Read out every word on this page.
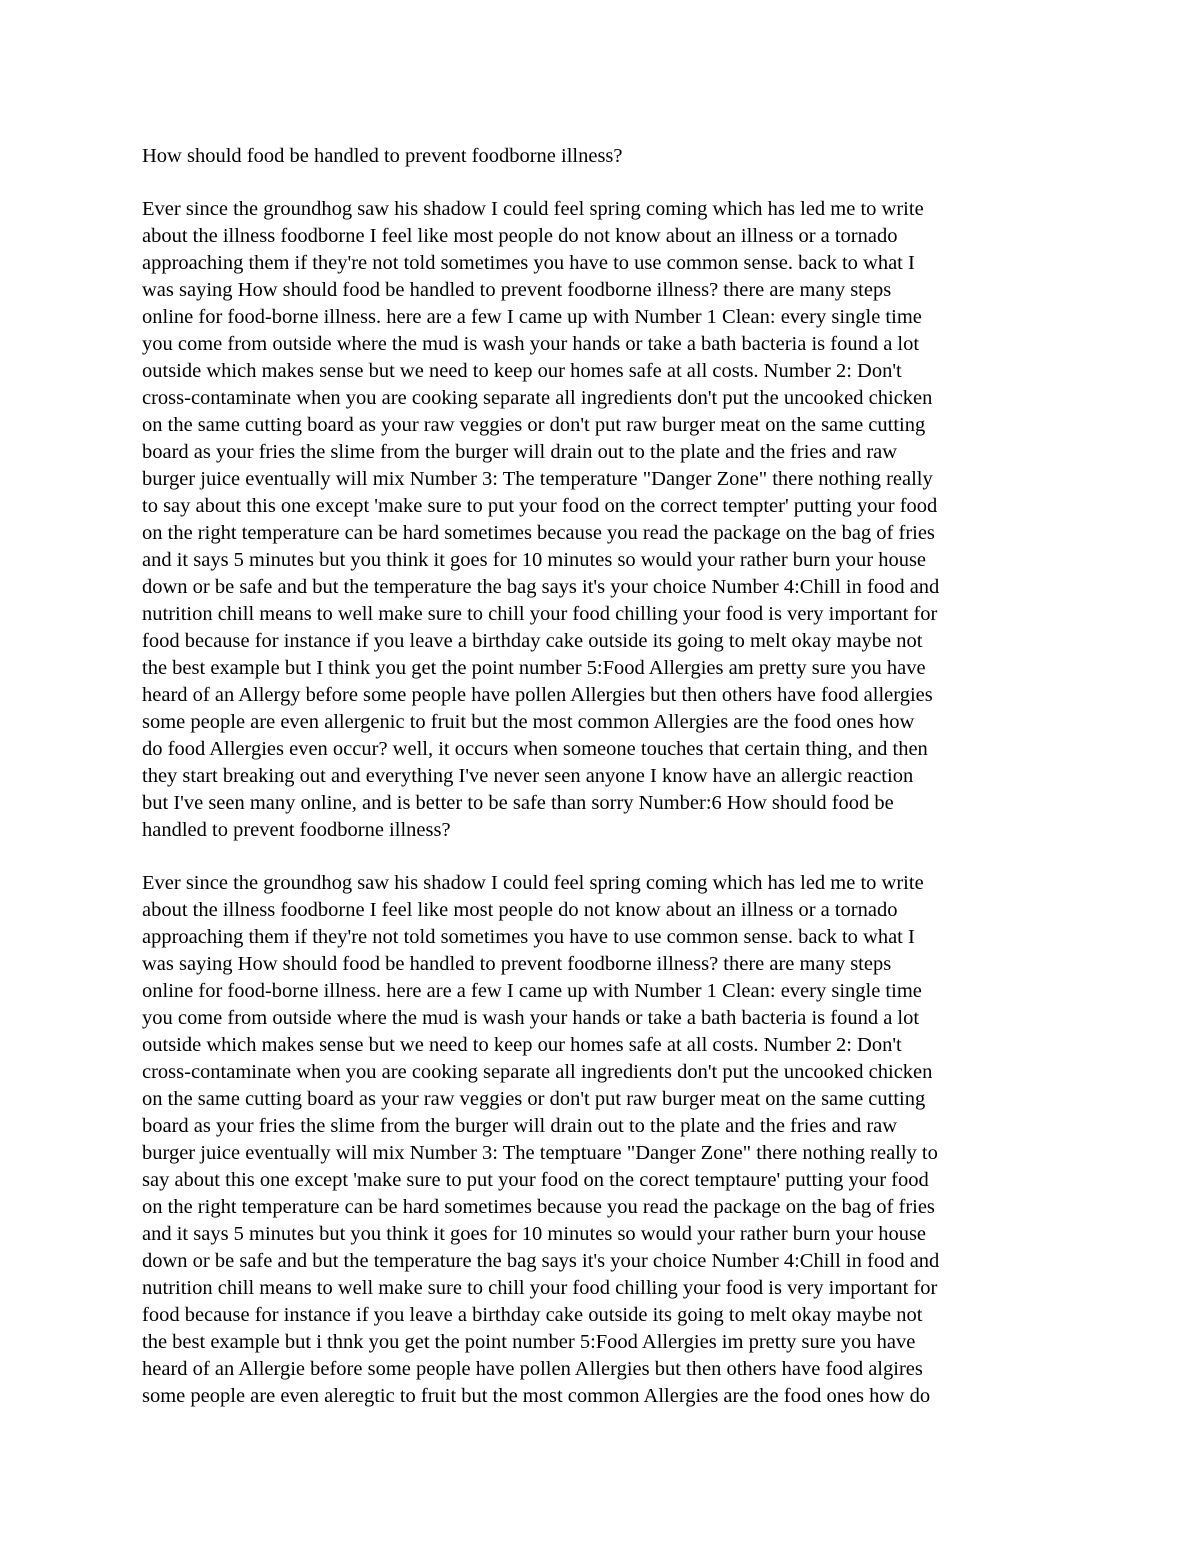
How should food be handled to prevent foodborne illness?

Ever since the groundhog saw his shadow I could feel spring coming which has led me to write
about the illness foodborne I feel like most people do not know about an illness or a tornado
approaching them if they're not told sometimes you have to use common sense. back to what I
was saying How should food be handled to prevent foodborne illness? there are many steps
online for food-borne illness. here are a few I came up with Number 1 Clean: every single time
you come from outside where the mud is wash your hands or take a bath bacteria is found a lot
outside which makes sense but we need to keep our homes safe at all costs. Number 2: Don't
cross-contaminate when you are cooking separate all ingredients don't put the uncooked chicken
on the same cutting board as your raw veggies or don't put raw burger meat on the same cutting
board as your fries the slime from the burger will drain out to the plate and the fries and raw
burger juice eventually will mix Number 3: The temperature "Danger Zone" there nothing really
to say about this one except 'make sure to put your food on the correct tempter' putting your food
on the right temperature can be hard sometimes because you read the package on the bag of fries
and it says 5 minutes but you think it goes for 10 minutes so would your rather burn your house
down or be safe and but the temperature the bag says it's your choice Number 4:Chill in food and
nutrition chill means to well make sure to chill your food chilling your food is very important for
food because for instance if you leave a birthday cake outside its going to melt okay maybe not
the best example but I think you get the point number 5:Food Allergies am pretty sure you have
heard of an Allergy before some people have pollen Allergies but then others have food allergies
some people are even allergenic to fruit but the most common Allergies are the food ones how
do food Allergies even occur? well, it occurs when someone touches that certain thing, and then
they start breaking out and everything I've never seen anyone I know have an allergic reaction
but I've seen many online, and is better to be safe than sorry Number:6 How should food be
handled to prevent foodborne illness?
Ever since the groundhog saw his shadow I could feel spring coming which has led me to write
about the illness foodborne I feel like most people do not know about an illness or a tornado
approaching them if they're not told sometimes you have to use common sense. back to what I
was saying How should food be handled to prevent foodborne illness? there are many steps
online for food-borne illness. here are a few I came up with Number 1 Clean: every single time
you come from outside where the mud is wash your hands or take a bath bacteria is found a lot
outside which makes sense but we need to keep our homes safe at all costs. Number 2: Don't
cross-contaminate when you are cooking separate all ingredients don't put the uncooked chicken
on the same cutting board as your raw veggies or don't put raw burger meat on the same cutting
board as your fries the slime from the burger will drain out to the plate and the fries and raw
burger juice eventually will mix Number 3: The temptuare "Danger Zone" there nothing really to
say about this one except 'make sure to put your food on the corect temptaure' putting your food
on the right temperature can be hard sometimes because you read the package on the bag of fries
and it says 5 minutes but you think it goes for 10 minutes so would your rather burn your house
down or be safe and but the temperature the bag says it's your choice Number 4:Chill in food and
nutrition chill means to well make sure to chill your food chilling your food is very important for
food because for instance if you leave a birthday cake outside its going to melt okay maybe not
the best example but i thnk you get the point number 5:Food Allergies im pretty sure you have
heard of an Allergie before some people have pollen Allergies but then others have food algires
some people are even aleregtic to fruit but the most common Allergies are the food ones how do
